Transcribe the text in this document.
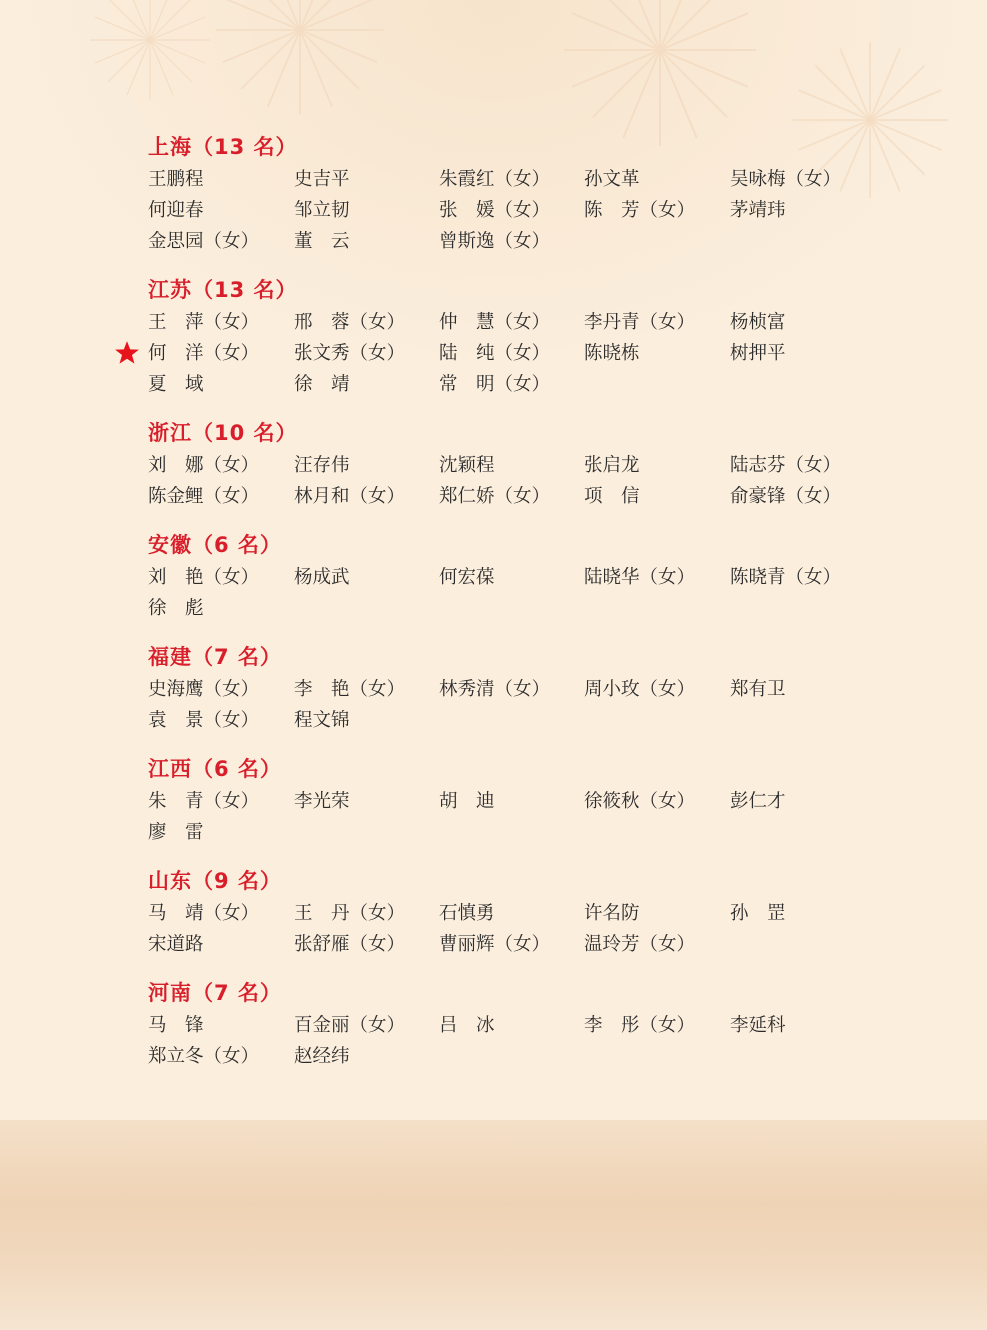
上海（13 名）
王鹏程	史吉平	朱霞红（女） 孙文革	吴咏梅（女）
何迎春	邹立韧	张　媛（女） 陈　芳（女） 茅靖玮
金思园（女） 董　云	曾斯逸（女）
江苏（13 名）
王　萍（女） 邢　蓉（女） 仲　慧（女） 李丹青（女） 杨桢富
何　洋（女） 张文秀（女） 陆　纯（女） 陈晓栋	树押平
夏　域	徐　靖	常　明（女）
浙江（10 名）
刘　娜（女） 汪存伟	沈颖程	张启龙	陆志芬（女）
陈金鲤（女） 林月和（女） 郑仁娇（女） 项　信	俞豪锋（女）
安徽（6 名）
刘　艳（女） 杨成武	何宏葆	陆晓华（女） 陈晓青（女）
徐　彪
福建（7 名）
史海鹰（女） 李　艳（女） 林秀清（女） 周小玫（女） 郑有卫
袁　景（女） 程文锦
江西（6 名）
朱　青（女） 李光荣	胡　迪	徐筱秋（女） 彭仁才
廖　雷
山东（9 名）
马　靖（女） 王　丹（女） 石慎勇	许名防	孙　罡
宋道路	张舒雁（女） 曹丽辉（女） 温玲芳（女）
河南（7 名）
马　锋	百金丽（女） 吕　冰	李　彤（女） 李延科
郑立冬（女） 赵经纬
